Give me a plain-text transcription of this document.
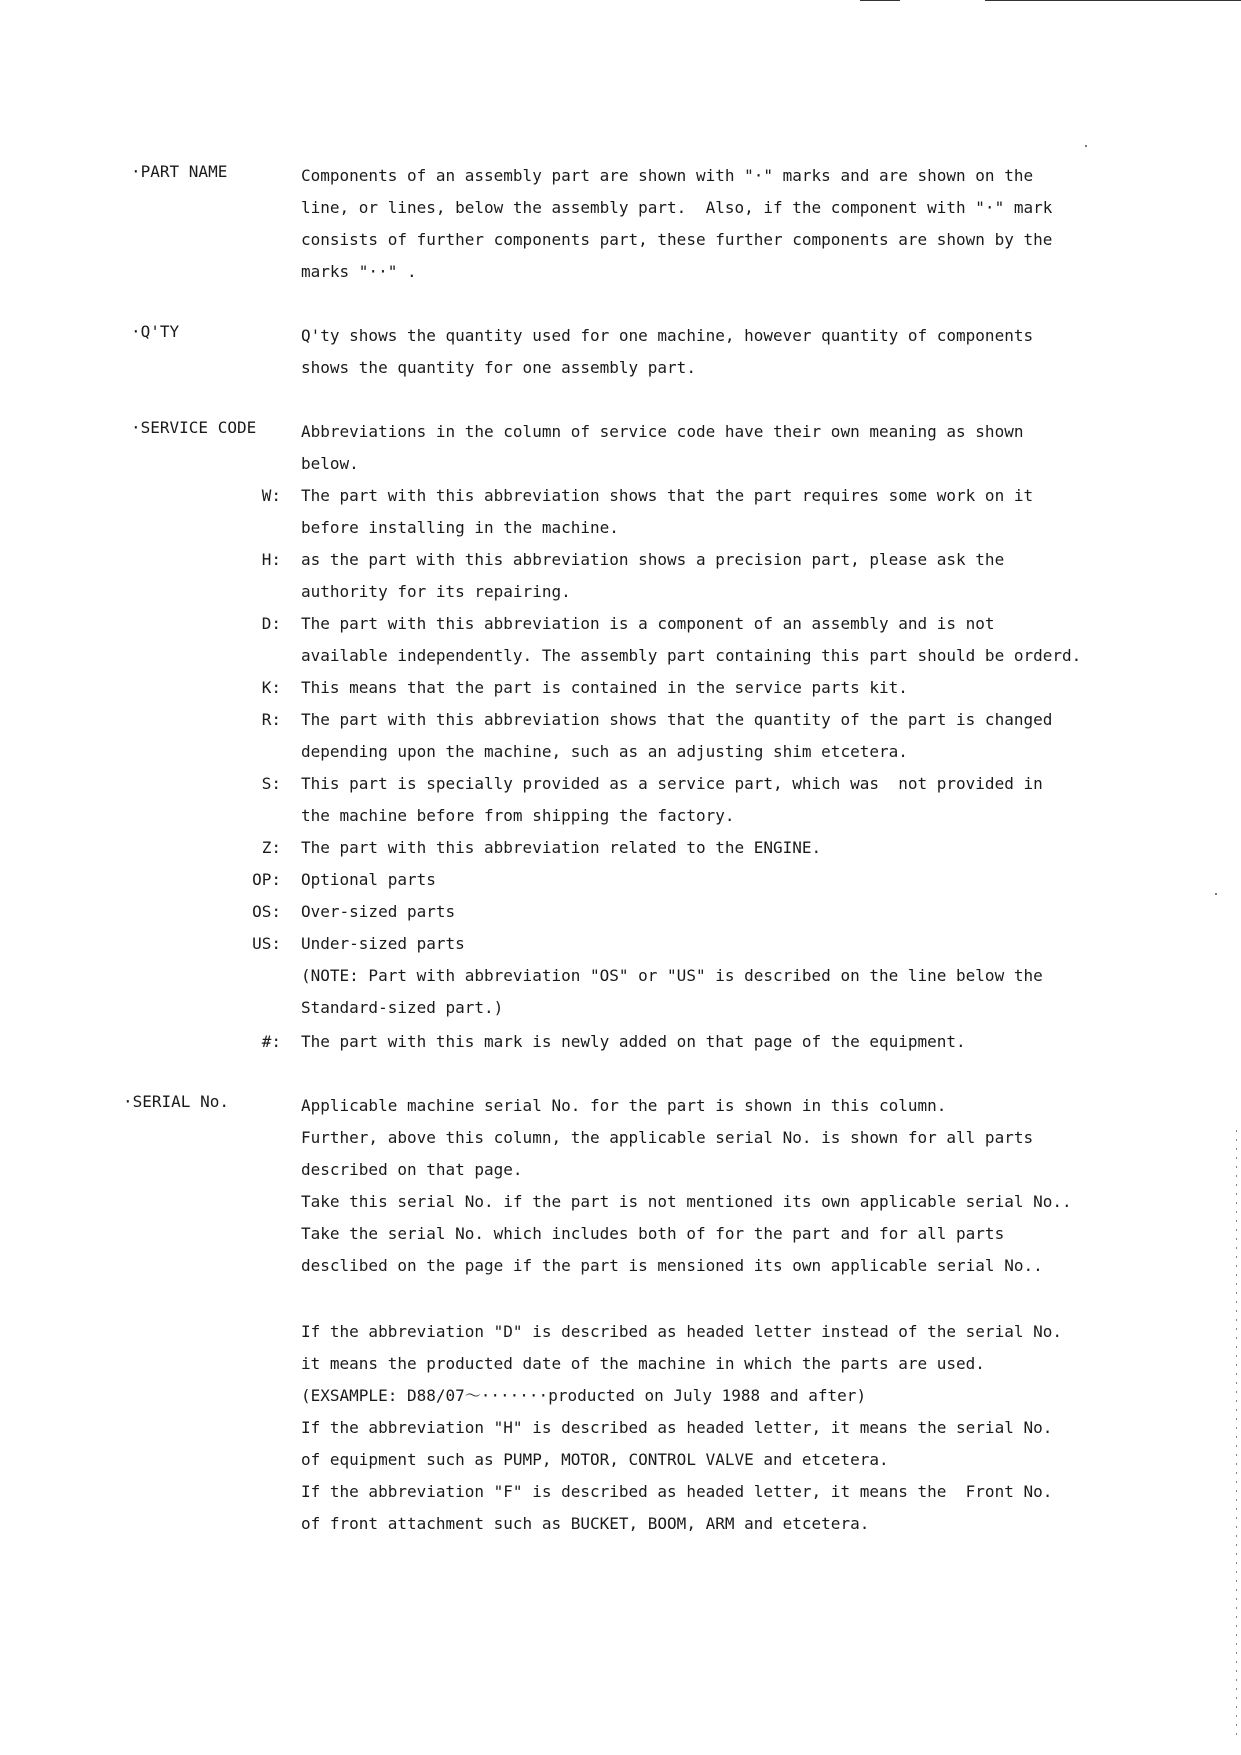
·PART NAME	Components of an assembly part are shown with "·" marks and are shown on the
line, or lines, below the assembly part.  Also, if the component with "·" mark
consists of further components part, these further components are shown by the
marks "··" .
·Q'TY	Q'ty shows the quantity used for one machine, however quantity of components
shows the quantity for one assembly part.
·SERVICE CODE	Abbreviations in the column of service code have their own meaning as shown
below.
W: The part with this abbreviation shows that the part requires some work on it
before installing in the machine.
H: as the part with this abbreviation shows a precision part, please ask the
authority for its repairing.
D: The part with this abbreviation is a component of an assembly and is not
available independently. The assembly part containing this part should be orderd.
K: This means that the part is contained in the service parts kit.
R: The part with this abbreviation shows that the quantity of the part is changed
depending upon the machine, such as an adjusting shim etcetera.
S: This part is specially provided as a service part, which was  not provided in
the machine before from shipping the factory.
Z: The part with this abbreviation related to the ENGINE.
OP: Optional parts
OS: Over-sized parts
US: Under-sized parts
(NOTE: Part with abbreviation "OS" or "US" is described on the line below the
Standard-sized part.)
#: The part with this mark is newly added on that page of the equipment.
·SERIAL No.	Applicable machine serial No. for the part is shown in this column.
Further, above this column, the applicable serial No. is shown for all parts
described on that page.
Take this serial No. if the part is not mentioned its own applicable serial No..
Take the serial No. which includes both of for the part and for all parts
desclibed on the page if the part is mensioned its own applicable serial No..
If the abbreviation "D" is described as headed letter instead of the serial No.
it means the producted date of the machine in which the parts are used.
(EXSAMPLE: D88/07～·······producted on July 1988 and after)
If the abbreviation "H" is described as headed letter, it means the serial No.
of equipment such as PUMP, MOTOR, CONTROL VALVE and etcetera.
If the abbreviation "F" is described as headed letter, it means the  Front No.
of front attachment such as BUCKET, BOOM, ARM and etcetera.
